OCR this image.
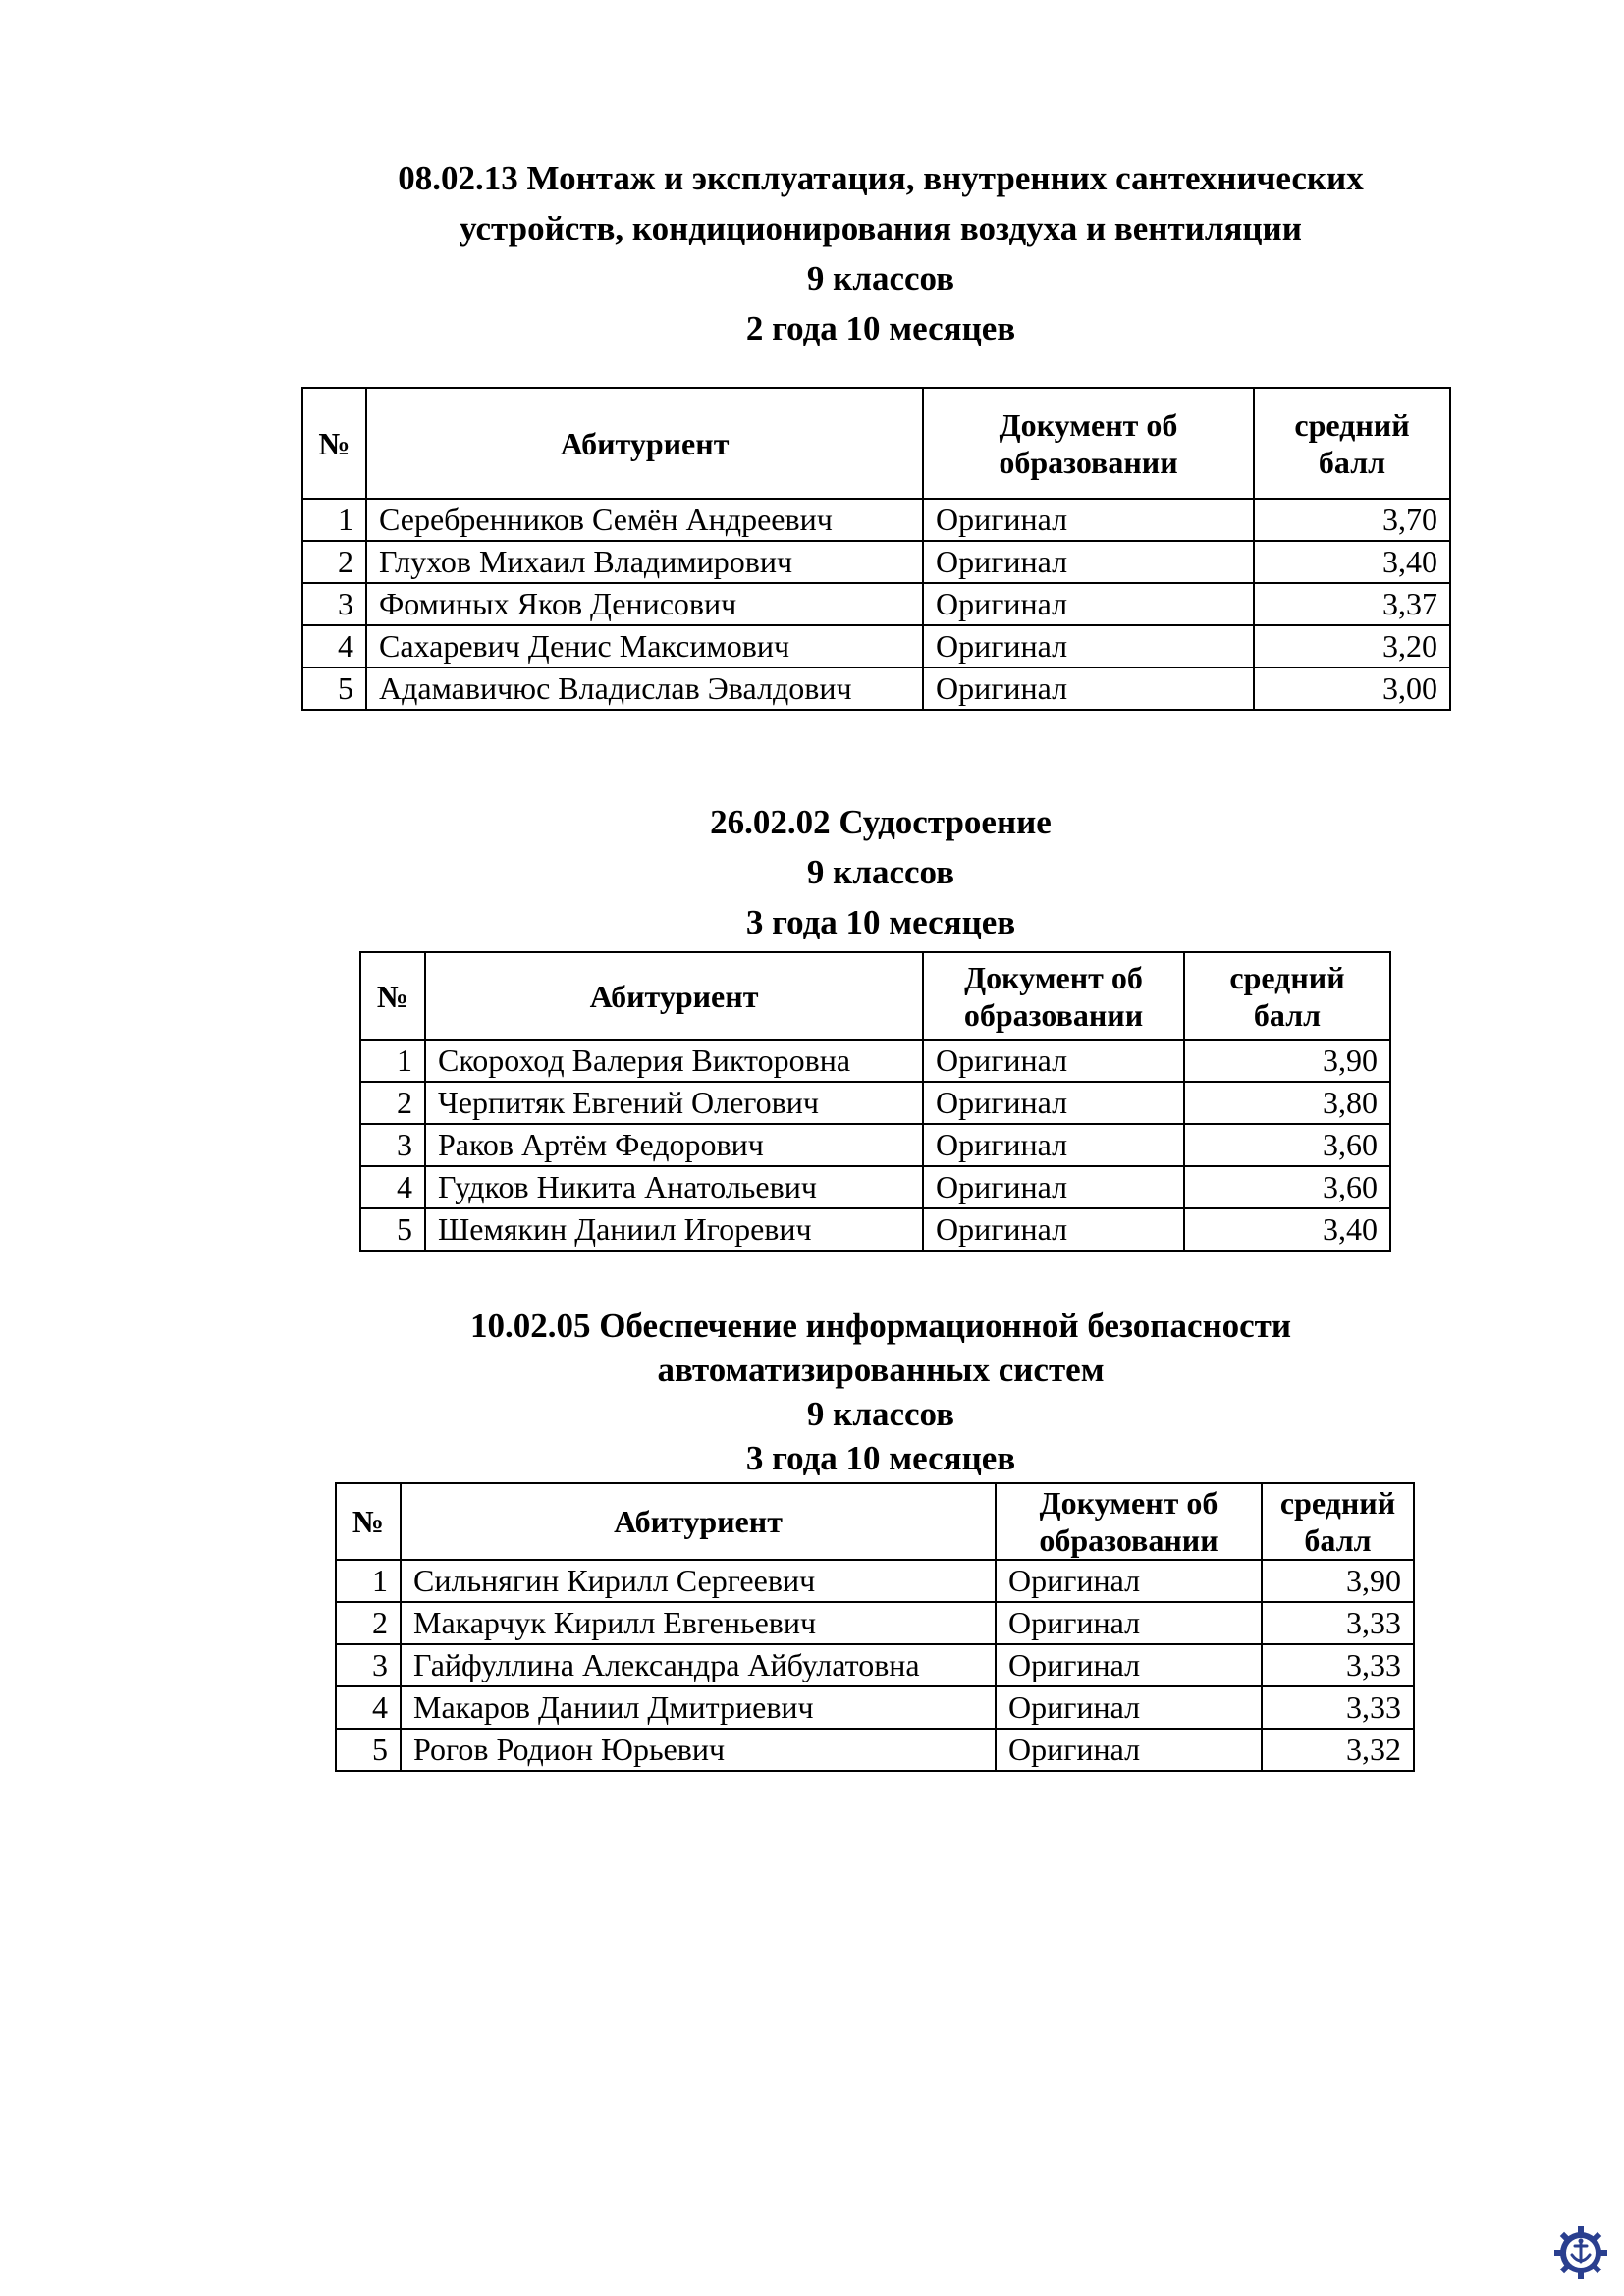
08.02.13 Монтаж и эксплуатация, внутренних сантехнических
устройств, кондиционирования воздуха и вентиляции
9 классов
2 года 10 месяцев
№	Абитуриент	Документ об образовании	средний балл
1	Серебренников Семён Андреевич	Оригинал	3,70
2	Глухов Михаил Владимирович	Оригинал	3,40
3	Фоминых Яков Денисович	Оригинал	3,37
4	Сахаревич Денис Максимович	Оригинал	3,20
5	Адамавичюс Владислав Эвалдович	Оригинал	3,00
26.02.02 Судостроение
9 классов
3 года 10 месяцев
№	Абитуриент	Документ об образовании	средний балл
1	Скороход Валерия Викторовна	Оригинал	3,90
2	Черпитяк Евгений Олегович	Оригинал	3,80
3	Раков Артём Федорович	Оригинал	3,60
4	Гудков Никита Анатольевич	Оригинал	3,60
5	Шемякин Даниил Игоревич	Оригинал	3,40
10.02.05 Обеспечение информационной безопасности
автоматизированных систем
9 классов
3 года 10 месяцев
№	Абитуриент	Документ об образовании	средний балл
1	Сильнягин Кирилл Сергеевич	Оригинал	3,90
2	Макарчук Кирилл Евгеньевич	Оригинал	3,33
3	Гайфуллина Александра Айбулатовна	Оригинал	3,33
4	Макаров Даниил Дмитриевич	Оригинал	3,33
5	Рогов Родион Юрьевич	Оригинал	3,32
